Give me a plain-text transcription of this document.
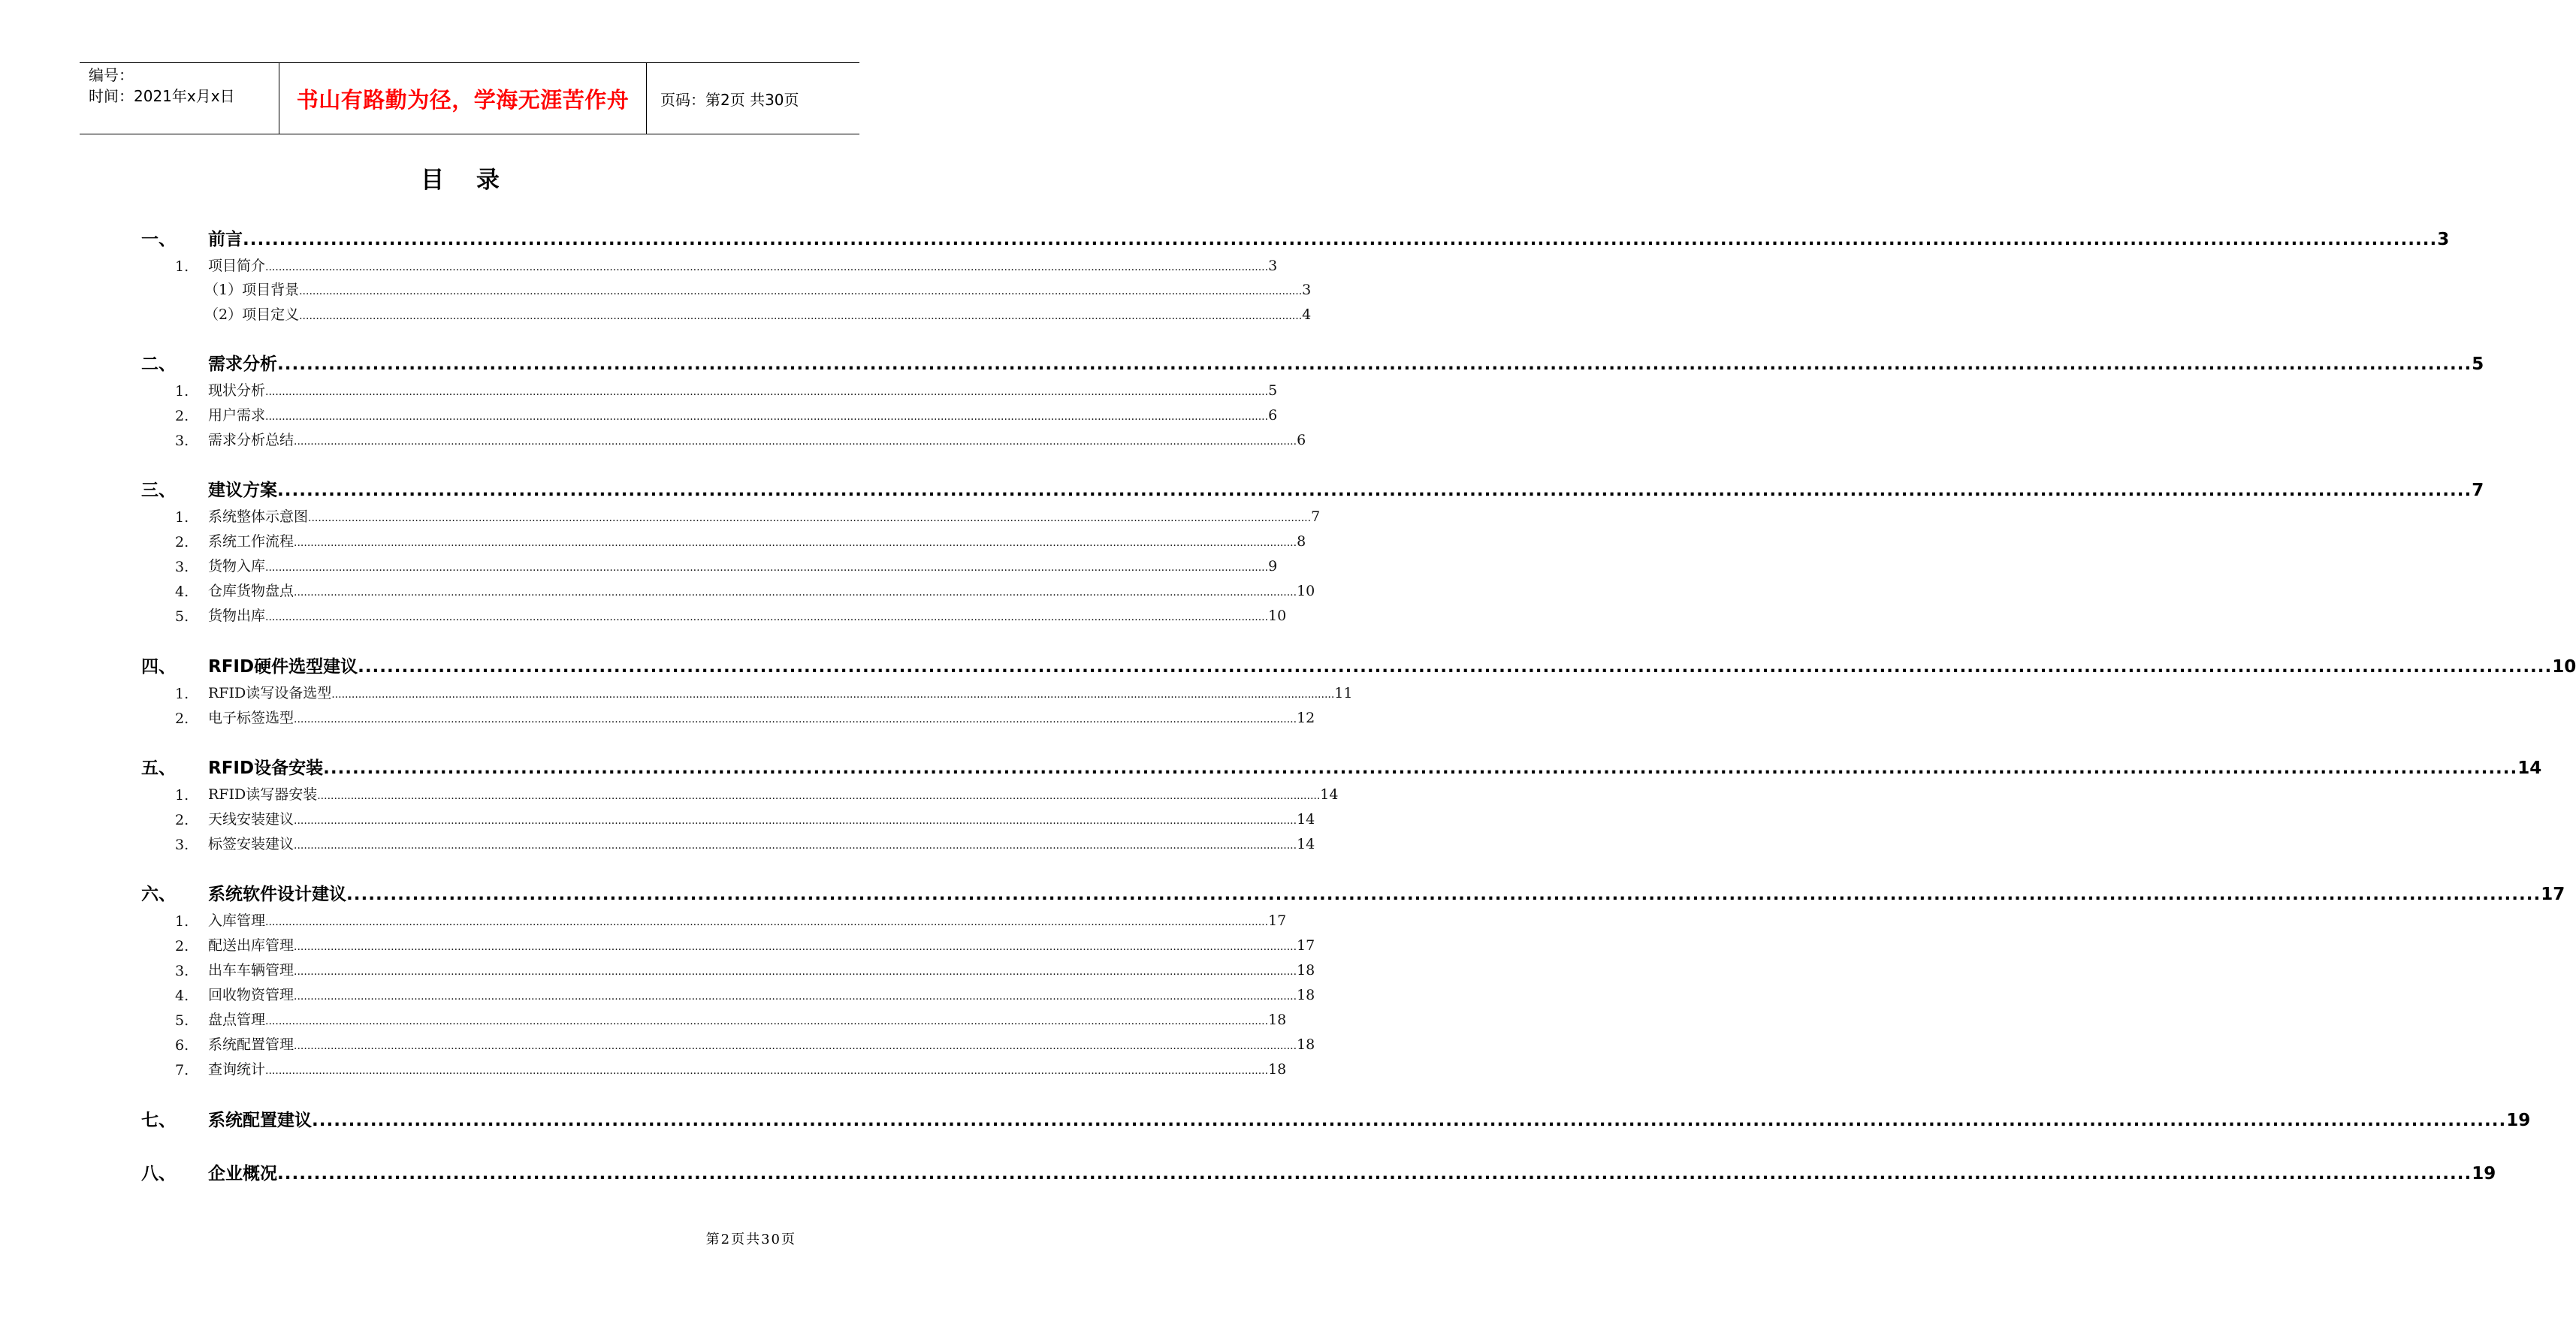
编号：
时间：2021年x月x日	书山有路勤为径，学海无涯苦作舟	页码：第2页 共30页
目 录
一、 前言 ............................................................................................................................................................................................................................................................................................................ 3
1. 项目简介 ............................................................................................................................................................................................................................................................................................................ 3
（1）项目背景 ............................................................................................................................................................................................................................................................................................................ 3
（2）项目定义 ............................................................................................................................................................................................................................................................................................................ 4
二、 需求分析 ............................................................................................................................................................................................................................................................................................................ 5
1. 现状分析 ............................................................................................................................................................................................................................................................................................................ 5
2. 用户需求 ............................................................................................................................................................................................................................................................................................................ 6
3. 需求分析总结 ............................................................................................................................................................................................................................................................................................................ 6
三、 建议方案 ............................................................................................................................................................................................................................................................................................................ 7
1. 系统整体示意图 ............................................................................................................................................................................................................................................................................................................ 7
2. 系统工作流程 ............................................................................................................................................................................................................................................................................................................ 8
3. 货物入库 ............................................................................................................................................................................................................................................................................................................ 9
4. 仓库货物盘点 ............................................................................................................................................................................................................................................................................................................ 10
5. 货物出库 ............................................................................................................................................................................................................................................................................................................ 10
四、 RFID硬件选型建议 ............................................................................................................................................................................................................................................................................................................ 10
1. RFID读写设备选型 ............................................................................................................................................................................................................................................................................................................ 11
2. 电子标签选型 ............................................................................................................................................................................................................................................................................................................ 12
五、 RFID设备安装 ............................................................................................................................................................................................................................................................................................................ 14
1. RFID读写器安装 ............................................................................................................................................................................................................................................................................................................ 14
2. 天线安装建议 ............................................................................................................................................................................................................................................................................................................ 14
3. 标签安装建议 ............................................................................................................................................................................................................................................................................................................ 14
六、 系统软件设计建议 ............................................................................................................................................................................................................................................................................................................ 17
1. 入库管理 ............................................................................................................................................................................................................................................................................................................ 17
2. 配送出库管理 ............................................................................................................................................................................................................................................................................................................ 17
3. 出车车辆管理 ............................................................................................................................................................................................................................................................................................................ 18
4. 回收物资管理 ............................................................................................................................................................................................................................................................................................................ 18
5. 盘点管理 ............................................................................................................................................................................................................................................................................................................ 18
6. 系统配置管理 ............................................................................................................................................................................................................................................................................................................ 18
7. 查询统计 ............................................................................................................................................................................................................................................................................................................ 18
七、 系统配置建议 ............................................................................................................................................................................................................................................................................................................ 19
八、 企业概况 ............................................................................................................................................................................................................................................................................................................ 19
第2页共30页
